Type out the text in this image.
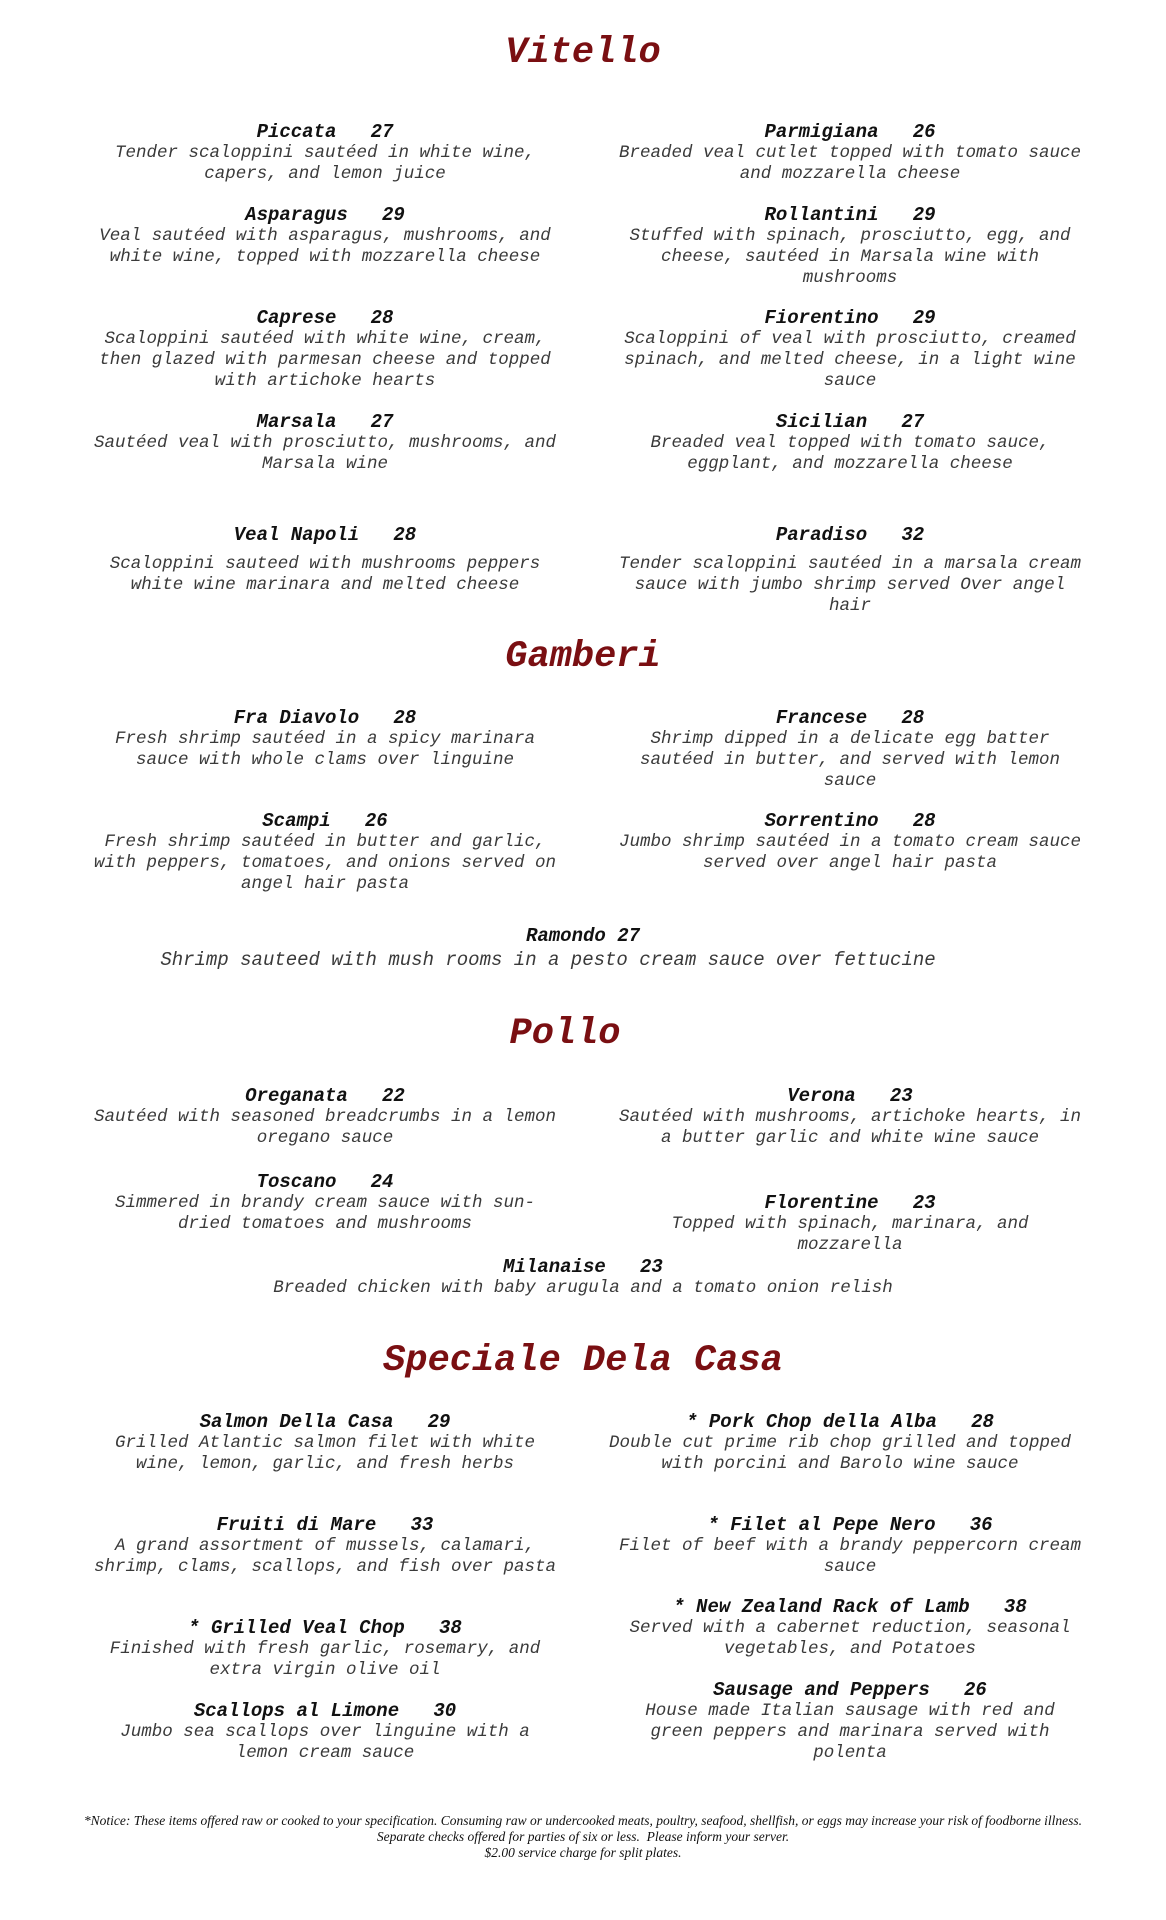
Vitello
Piccata 27
Tender scaloppini sautéed in white wine, capers, and lemon juice
Parmigiana 26
Breaded veal cutlet topped with tomato sauce and mozzarella cheese
Asparagus 29
Veal sautéed with asparagus, mushrooms, and white wine, topped with mozzarella cheese
Rollantini 29
Stuffed with spinach, prosciutto, egg, and cheese, sautéed in Marsala wine with mushrooms
Caprese 28
Scaloppini sautéed with white wine, cream, then glazed with parmesan cheese and topped with artichoke hearts
Fiorentino 29
Scaloppini of veal with prosciutto, creamed spinach, and melted cheese, in a light wine sauce
Marsala 27
Sautéed veal with prosciutto, mushrooms, and Marsala wine
Sicilian 27
Breaded veal topped with tomato sauce, eggplant, and mozzarella cheese
Veal Napoli 28
Scaloppini sauteed with mushrooms peppers white wine marinara and melted cheese
Paradiso 32
Tender scaloppini sautéed in a marsala cream sauce with jumbo shrimp served Over angel hair
Gamberi
Fra Diavolo 28
Fresh shrimp sautéed in a spicy marinara sauce with whole clams over linguine
Francese 28
Shrimp dipped in a delicate egg batter sautéed in butter, and served with lemon sauce
Scampi 26
Fresh shrimp sautéed in butter and garlic, with peppers, tomatoes, and onions served on angel hair pasta
Sorrentino 28
Jumbo shrimp sautéed in a tomato cream sauce served over angel hair pasta
Ramondo 27
Shrimp sauteed with mush rooms in a pesto cream sauce over fettucine
Pollo
Oreganata 22
Sautéed with seasoned breadcrumbs in a lemon oregano sauce
Verona 23
Sautéed with mushrooms, artichoke hearts, in a butter garlic and white wine sauce
Toscano 24
Simmered in brandy cream sauce with sun-dried tomatoes and mushrooms
Florentine 23
Topped with spinach, marinara, and mozzarella
Milanaise 23
Breaded chicken with baby arugula and a tomato onion relish
Speciale Dela Casa
Salmon Della Casa 29
Grilled Atlantic salmon filet with white wine, lemon, garlic, and fresh herbs
* Pork Chop della Alba 28
Double cut prime rib chop grilled and topped with porcini and Barolo wine sauce
Fruiti di Mare 33
A grand assortment of mussels, calamari, shrimp, clams, scallops, and fish over pasta
* Filet al Pepe Nero 36
Filet of beef with a brandy peppercorn cream sauce
* Grilled Veal Chop 38
Finished with fresh garlic, rosemary, and extra virgin olive oil
* New Zealand Rack of Lamb 38
Served with a cabernet reduction, seasonal vegetables, and Potatoes
Scallops al Limone 30
Jumbo sea scallops over linguine with a lemon cream sauce
Sausage and Peppers 26
House made Italian sausage with red and green peppers and marinara served with polenta
*Notice: These items offered raw or cooked to your specification. Consuming raw or undercooked meats, poultry, seafood, shellfish, or eggs may increase your risk of foodborne illness.
Separate checks offered for parties of six or less.  Please inform your server.
$2.00 service charge for split plates.
